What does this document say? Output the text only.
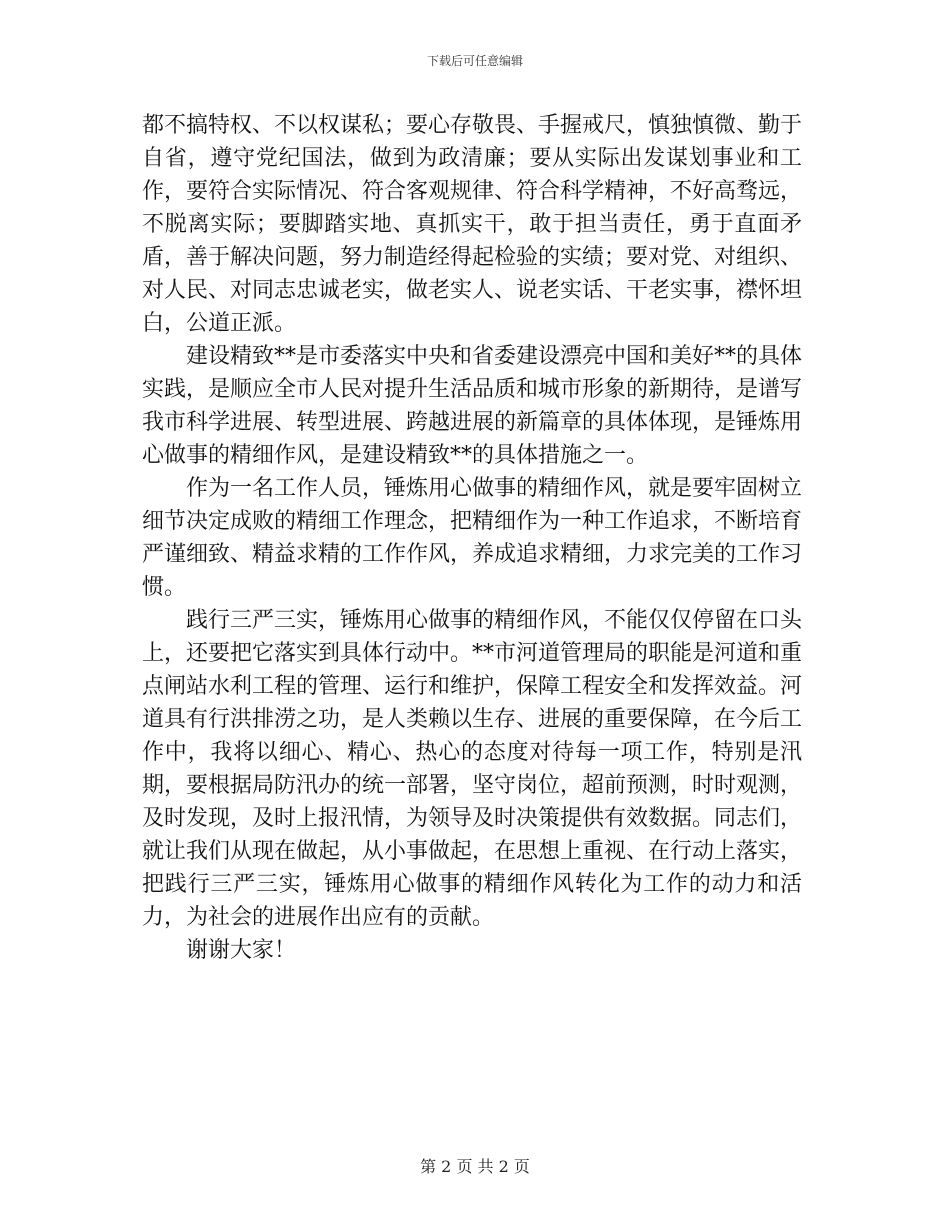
下载后可任意编辑

都不搞特权、不以权谋私；要心存敬畏、手握戒尺，慎独慎微、勤于自省，遵守党纪国法，做到为政清廉；要从实际出发谋划事业和工作，要符合实际情况、符合客观规律、符合科学精神，不好高骛远，不脱离实际；要脚踏实地、真抓实干，敢于担当责任，勇于直面矛盾，善于解决问题，努力制造经得起检验的实绩；要对党、对组织、对人民、对同志忠诚老实，做老实人、说老实话、干老实事，襟怀坦白，公道正派。

建设精致**是市委落实中央和省委建设漂亮中国和美好**的具体实践，是顺应全市人民对提升生活品质和城市形象的新期待，是谱写我市科学进展、转型进展、跨越进展的新篇章的具体体现，是锤炼用心做事的精细作风，是建设精致**的具体措施之一。

作为一名工作人员，锤炼用心做事的精细作风，就是要牢固树立细节决定成败的精细工作理念，把精细作为一种工作追求，不断培育严谨细致、精益求精的工作作风，养成追求精细，力求完美的工作习惯。

践行三严三实，锤炼用心做事的精细作风，不能仅仅停留在口头上，还要把它落实到具体行动中。**市河道管理局的职能是河道和重点闸站水利工程的管理、运行和维护，保障工程安全和发挥效益。河道具有行洪排涝之功，是人类赖以生存、进展的重要保障，在今后工作中，我将以细心、精心、热心的态度对待每一项工作，特别是汛期，要根据局防汛办的统一部署，坚守岗位，超前预测，时时观测，及时发现，及时上报汛情，为领导及时决策提供有效数据。同志们，就让我们从现在做起，从小事做起，在思想上重视、在行动上落实，把践行三严三实，锤炼用心做事的精细作风转化为工作的动力和活力，为社会的进展作出应有的贡献。

谢谢大家！

第 2 页 共 2 页
